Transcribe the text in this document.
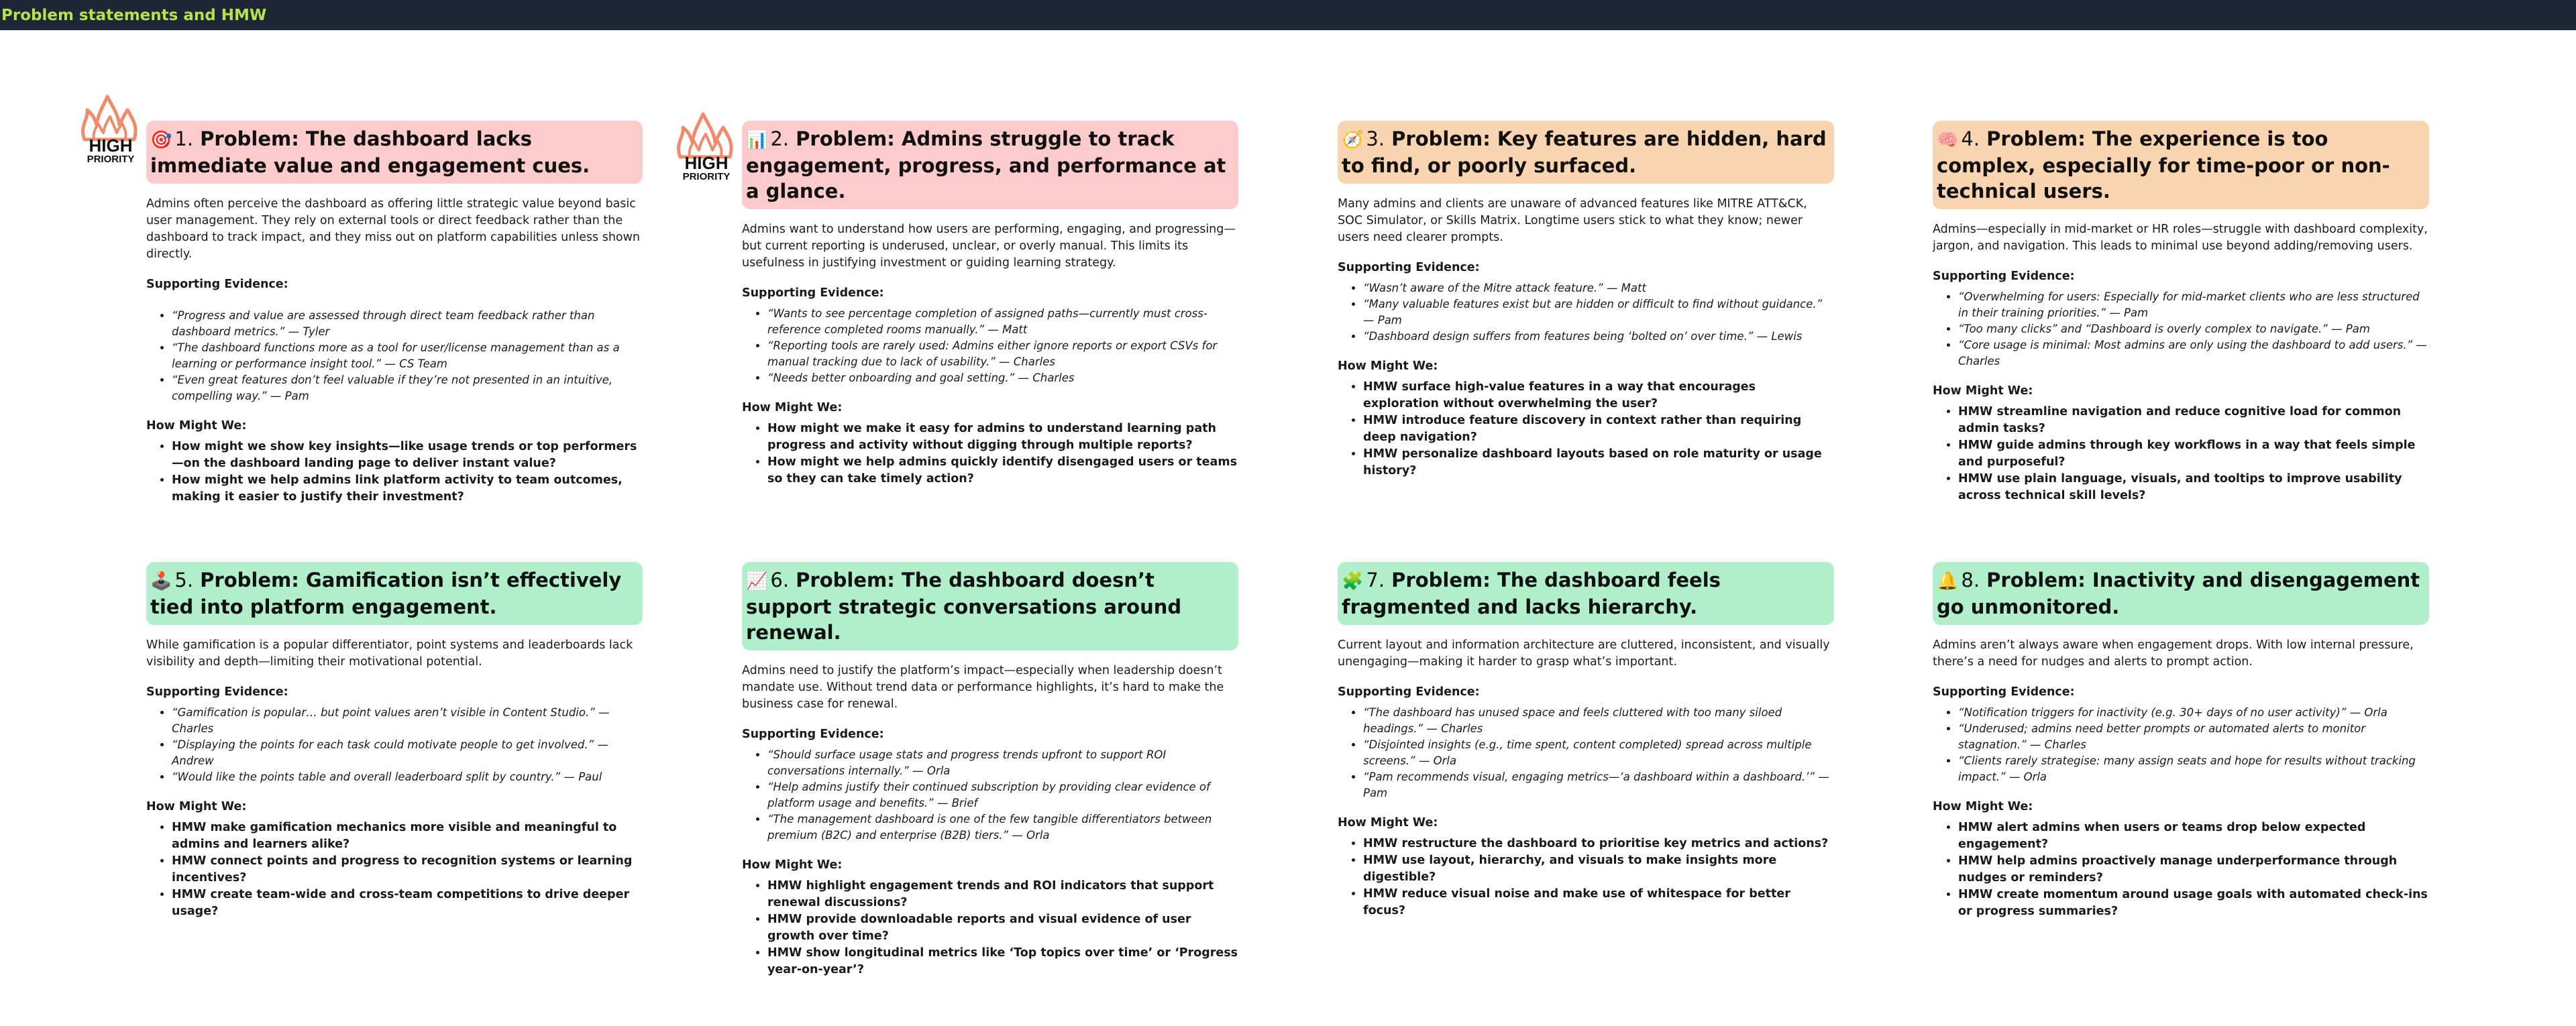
Problem statements and HMW
HIGH
PRIORITY	HIGH
PRIORITY
🎯 1. Problem: The dashboard lacks immediate value and engagement cues.

Admins often perceive the dashboard as offering little strategic value beyond basic user management. They rely on external tools or direct feedback rather than the dashboard to track impact, and they miss out on platform capabilities unless shown directly.

Supporting Evidence:
• “Progress and value are assessed through direct team feedback rather than dashboard metrics.” — Tyler
• “The dashboard functions more as a tool for user/license management than as a learning or performance insight tool.” — CS Team
• “Even great features don’t feel valuable if they’re not presented in an intuitive, compelling way.” — Pam
How Might We:
• How might we show key insights—like usage trends or top performers—on the dashboard landing page to deliver instant value?
• How might we help admins link platform activity to team outcomes, making it easier to justify their investment?
📊 2. Problem: Admins struggle to track engagement, progress, and performance at a glance.

Admins want to understand how users are performing, engaging, and progressing—but current reporting is underused, unclear, or overly manual. This limits its usefulness in justifying investment or guiding learning strategy.

Supporting Evidence:
• “Wants to see percentage completion of assigned paths—currently must cross-reference completed rooms manually.” — Matt
• “Reporting tools are rarely used: Admins either ignore reports or export CSVs for manual tracking due to lack of usability.” — Charles
• “Needs better onboarding and goal setting.” — Charles
How Might We:
• How might we make it easy for admins to understand learning path progress and activity without digging through multiple reports?
• How might we help admins quickly identify disengaged users or teams so they can take timely action?
🧭 3. Problem: Key features are hidden, hard to find, or poorly surfaced.

Many admins and clients are unaware of advanced features like MITRE ATT&CK, SOC Simulator, or Skills Matrix. Longtime users stick to what they know; newer users need clearer prompts.

Supporting Evidence:
• “Wasn’t aware of the Mitre attack feature.” — Matt
• “Many valuable features exist but are hidden or difficult to find without guidance.” — Pam
• “Dashboard design suffers from features being ‘bolted on’ over time.” — Lewis
How Might We:
• HMW surface high-value features in a way that encourages exploration without overwhelming the user?
• HMW introduce feature discovery in context rather than requiring deep navigation?
• HMW personalize dashboard layouts based on role maturity or usage history?
🧠 4. Problem: The experience is too complex, especially for time-poor or non-technical users.

Admins—especially in mid-market or HR roles—struggle with dashboard complexity, jargon, and navigation. This leads to minimal use beyond adding/removing users.

Supporting Evidence:
• “Overwhelming for users: Especially for mid-market clients who are less structured in their training priorities.” — Pam
• “Too many clicks” and “Dashboard is overly complex to navigate.” — Pam
• “Core usage is minimal: Most admins are only using the dashboard to add users.” — Charles
How Might We:
• HMW streamline navigation and reduce cognitive load for common admin tasks?
• HMW guide admins through key workflows in a way that feels simple and purposeful?
• HMW use plain language, visuals, and tooltips to improve usability across technical skill levels?
🕹️ 5. Problem: Gamification isn’t effectively tied into platform engagement.

While gamification is a popular differentiator, point systems and leaderboards lack visibility and depth—limiting their motivational potential.

Supporting Evidence:
• “Gamification is popular… but point values aren’t visible in Content Studio.” — Charles
• “Displaying the points for each task could motivate people to get involved.” — Andrew
• “Would like the points table and overall leaderboard split by country.” — Paul
How Might We:
• HMW make gamification mechanics more visible and meaningful to admins and learners alike?
• HMW connect points and progress to recognition systems or learning incentives?
• HMW create team-wide and cross-team competitions to drive deeper usage?
📈 6. Problem: The dashboard doesn’t support strategic conversations around renewal.

Admins need to justify the platform’s impact—especially when leadership doesn’t mandate use. Without trend data or performance highlights, it’s hard to make the business case for renewal.

Supporting Evidence:
• “Should surface usage stats and progress trends upfront to support ROI conversations internally.” — Orla
• “Help admins justify their continued subscription by providing clear evidence of platform usage and benefits.” — Brief
• “The management dashboard is one of the few tangible differentiators between premium (B2C) and enterprise (B2B) tiers.” — Orla
How Might We:
• HMW highlight engagement trends and ROI indicators that support renewal discussions?
• HMW provide downloadable reports and visual evidence of user growth over time?
• HMW show longitudinal metrics like ‘Top topics over time’ or ‘Progress year-on-year’?
🧩 7. Problem: The dashboard feels fragmented and lacks hierarchy.

Current layout and information architecture are cluttered, inconsistent, and visually unengaging—making it harder to grasp what’s important.

Supporting Evidence:
• “The dashboard has unused space and feels cluttered with too many siloed headings.” — Charles
• “Disjointed insights (e.g., time spent, content completed) spread across multiple screens.” — Orla
• “Pam recommends visual, engaging metrics—‘a dashboard within a dashboard.’” — Pam
How Might We:
• HMW restructure the dashboard to prioritise key metrics and actions?
• HMW use layout, hierarchy, and visuals to make insights more digestible?
• HMW reduce visual noise and make use of whitespace for better focus?
🔔 8. Problem: Inactivity and disengagement go unmonitored.

Admins aren’t always aware when engagement drops. With low internal pressure, there’s a need for nudges and alerts to prompt action.

Supporting Evidence:
• “Notification triggers for inactivity (e.g. 30+ days of no user activity)” — Orla
• “Underused; admins need better prompts or automated alerts to monitor stagnation.” — Charles
• “Clients rarely strategise: many assign seats and hope for results without tracking impact.” — Orla
How Might We:
• HMW alert admins when users or teams drop below expected engagement?
• HMW help admins proactively manage underperformance through nudges or reminders?
• HMW create momentum around usage goals with automated check-ins or progress summaries?
